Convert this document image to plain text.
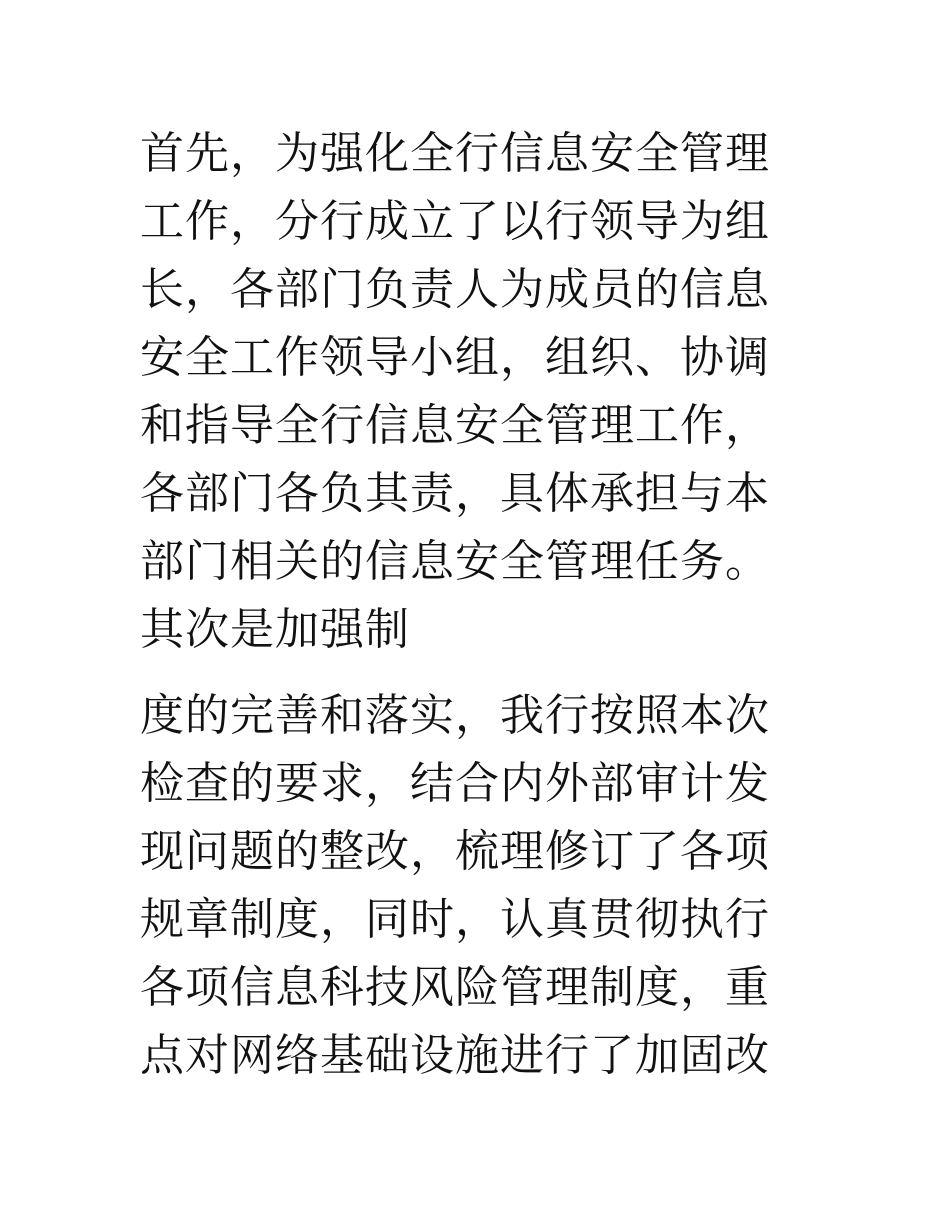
首先，为强化全行信息安全管理
工作，分行成立了以行领导为组
长，各部门负责人为成员的信息
安全工作领导小组，组织、协调
和指导全行信息安全管理工作，
各部门各负其责，具体承担与本
部门相关的信息安全管理任务。
其次是加强制
度的完善和落实，我行按照本次
检查的要求，结合内外部审计发
现问题的整改，梳理修订了各项
规章制度，同时，认真贯彻执行
各项信息科技风险管理制度，重
点对网络基础设施进行了加固改
